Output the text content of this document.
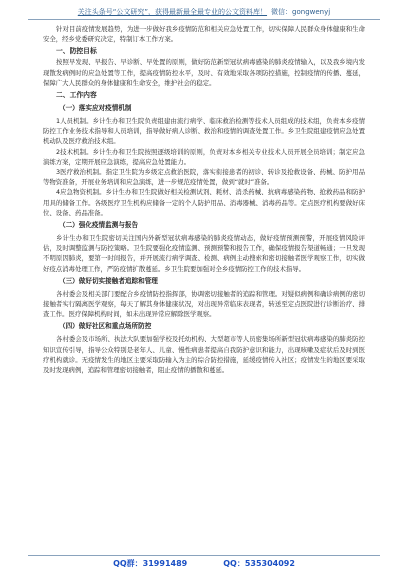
关注头条号“公文研究”，获得最新最全最专业的公文资料库！ 微信：gongwenyj

针对目前疫情发展趋势，为进一步做好我乡疫情防范和相关应急处置工作，切实保障人民群众身体健康和生命安全，经乡党委研究决定，特制订本工作方案。

一、防控目标

按照早发现、早报告、早诊断、早处置的原则，做好防范新型冠状病毒感染的肺炎疫情输入，以及我乡境内发现散发病例时的应急处置等工作，提高疫情防控水平，及时、有效地采取各项防控措施，控制疫情的传播、蔓延，保障广大人民群众的身体健康和生命安全，维护社会的稳定。

二、工作内容

（一）落实应对疫情机制

1人员机制。乡计生办和卫生院负责组建由流行病学、临床救治检测等技术人员组成的技术组，负责本乡疫情防控工作业务技术指导和人员培训，指导做好病人诊断、救治和疫情的调查处置工作。乡卫生院组建疫情应急处置机动队及医疗救治技术组。

2技术机制。乡计生办和卫生院按照逐级培训的原则，负责对本乡相关专业技术人员开展全员培训；制定应急演练方案，定期开展应急演练，提高应急处置能力。

3医疗救治机制。指定卫生院为乡级定点救治医院，落实衔接患者的初诊、转诊及抢救设备、药械、防护用品等物资准备，开展业务培训和应急演练，进一步规范疫情处置，做到“就时”准备。

4应急物资机制。乡计生办和卫生院做好相关检测试剂、耗材、消杀药械、抗病毒感染药物、抢救药品和防护用具的储备工作。各级医疗卫生机构应储备一定的个人防护用品、消毒器械、消毒药品等。定点医疗机构要做好床位、设备、药品准备。

（二）强化疫情监测与报告

乡计生办和卫生院密切关注国内外新型冠状病毒感染的肺炎疫情动态，做好疫情预测预警，开展疫情风险评估，及时调整监测与防控策略。卫生院要强化疫情监测、预测预警和报告工作，确保疫情报告渠道畅通；一旦发现不明原因肺炎，要第一时间报告，并开展流行病学调查、检测、病例主动搜索和密切接触者医学观察工作，切实做好疫点消毒处理工作，严防疫情扩散蔓延。乡卫生院要加强对全乡疫情防控工作的技术指导。

（三）做好切实接触者追踪和管理

各村委会及相关部门要配合乡疫情防控指挥部，协调密切接触者的追踪和管理。对疑似病例和确诊病例的密切接触者实行隔离医学观察，每天了解其身体健康状况，对出现异常临床表现者，转送至定点医院进行诊断治疗、排查工作。医疗保障机构时间，如未出现异常应解除医学观察。

（四）做好社区和重点场所防控

各村委会及市场所、执法大队要加强学校及托幼机构、大型超市等人员密集场所新型冠状病毒感染的肺炎防控知识宣传引导，指导公众特别是老年人、儿童、慢性病患者提高自我防护意识和能力，出现咳嗽及症状后及时到医疗机构就诊。无疫情发生的地区主要采取防输入为主的综合防控措施，延缓疫情传入社区；疫情发生的地区要采取及时发现病例，追踪和管理密切接触者，阻止疫情的播散和蔓延。

QQ群：31991489	QQ：535304092
